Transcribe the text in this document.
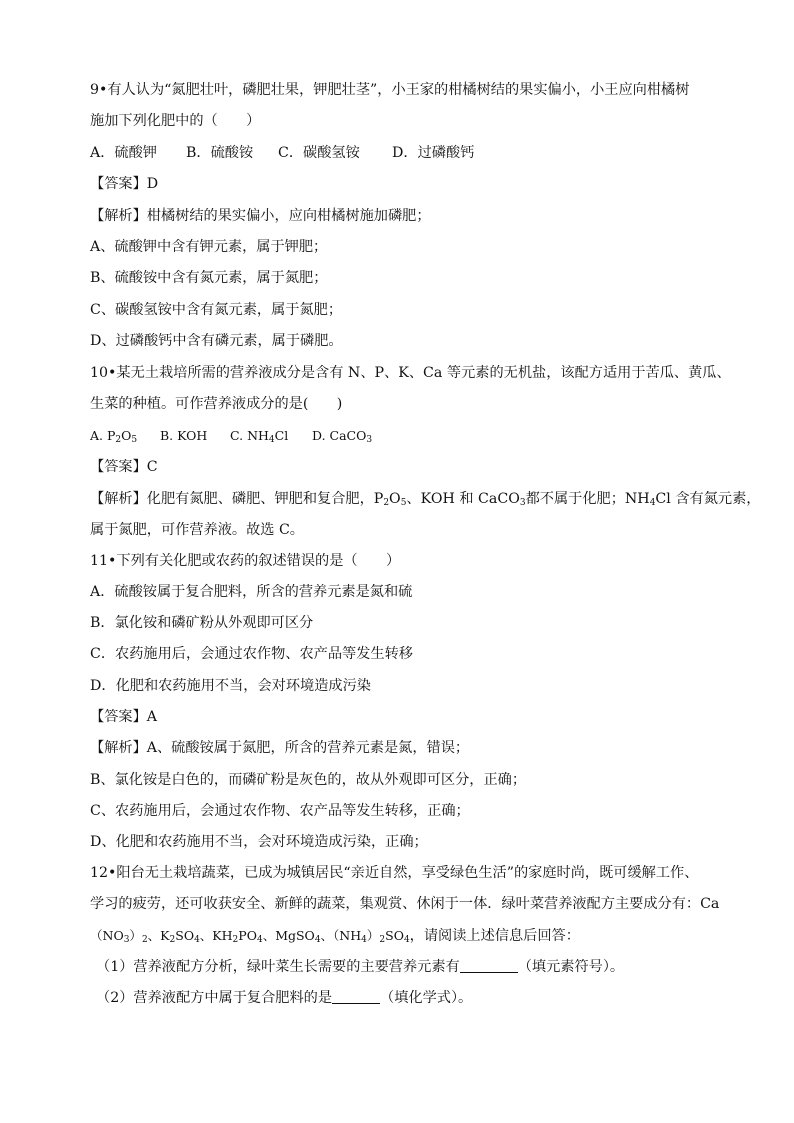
9•有人认为“氮肥壮叶，磷肥壮果，钾肥壮茎”，小王家的柑橘树结的果实偏小，小王应向柑橘树
施加下列化肥中的（　　）
A．硫酸钾 B．硫酸铵 C．碳酸氢铵 D．过磷酸钙
【答案】D
【解析】柑橘树结的果实偏小，应向柑橘树施加磷肥；
A、硫酸钾中含有钾元素，属于钾肥；
B、硫酸铵中含有氮元素，属于氮肥；
C、碳酸氢铵中含有氮元素，属于氮肥；
D、过磷酸钙中含有磷元素，属于磷肥。
10•某无土栽培所需的营养液成分是含有 N、P、K、Ca 等元素的无机盐，该配方适用于苦瓜、黄瓜、
生菜的种植。可作营养液成分的是(　　)
A. $P_2O_5$ B. KOH C. $NH_4Cl$ D. CaCO$_3$
【答案】C
【解析】化肥有氮肥、磷肥、钾肥和复合肥，$P_2O_5$、KOH 和 CaCO$_3$都不属于化肥；$NH_4Cl$ 含有氮元素，
属于氮肥，可作营养液。故选 C。
11•下列有关化肥或农药的叙述错误的是（　　）
A．硫酸铵属于复合肥料，所含的营养元素是氮和硫
B．氯化铵和磷矿粉从外观即可区分
C．农药施用后，会通过农作物、农产品等发生转移
D．化肥和农药施用不当，会对环境造成污染
【答案】A
【解析】A、硫酸铵属于氮肥，所含的营养元素是氮，错误；
B、氯化铵是白色的，而磷矿粉是灰色的，故从外观即可区分，正确；
C、农药施用后，会通过农作物、农产品等发生转移，正确；
D、化肥和农药施用不当，会对环境造成污染，正确；
12•阳台无土栽培蔬菜，已成为城镇居民“亲近自然，享受绿色生活”的家庭时尚，既可缓解工作、
学习的疲劳，还可收获安全、新鲜的蔬菜，集观赏、休闲于一体．绿叶菜营养液配方主要成分有：Ca
$(NO_3)_2$、$K_2SO_4$、$KH_2PO_4$、MgSO$_4$、$(NH_4)_2SO_4$，请阅读上述信息后回答：
（1）营养液配方分析，绿叶菜生长需要的主要营养元素有	（填元素符号）。
（2）营养液配方中属于复合肥料的是	（填化学式）。
